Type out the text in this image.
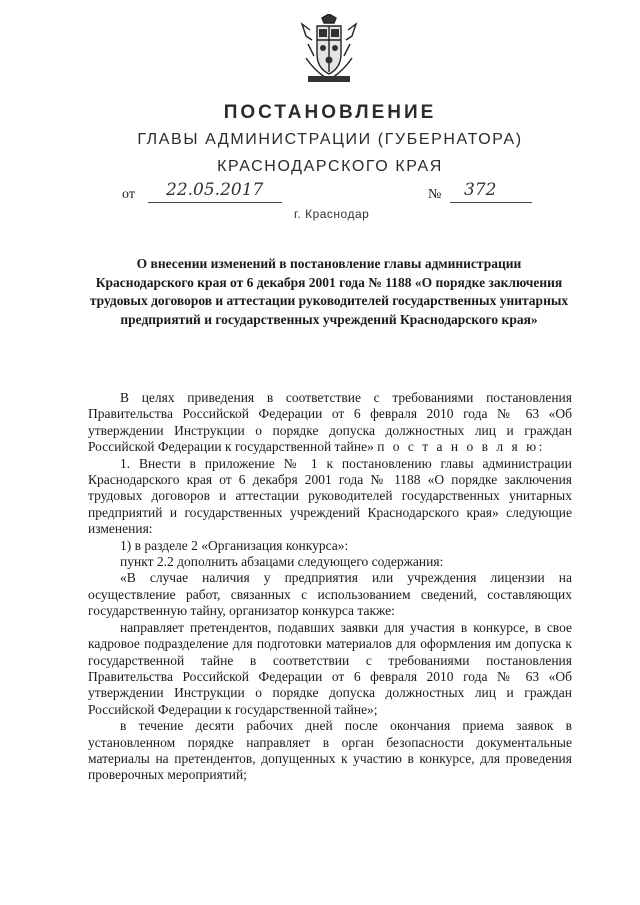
ПОСТАНОВЛЕНИЕ
ГЛАВЫ АДМИНИСТРАЦИИ (ГУБЕРНАТОРА)
КРАСНОДАРСКОГО КРАЯ
от 22.05.2017	№ 372
г. Краснодар
О внесении изменений в постановление главы администрации Краснодарского края от 6 декабря 2001 года № 1188 «О порядке заключения трудовых договоров и аттестации руководителей государственных унитарных предприятий и государственных учреждений Краснодарского края»

В целях приведения в соответствие с требованиями постановления Правительства Российской Федерации от 6 февраля 2010 года № 63 «Об утверждении Инструкции о порядке допуска должностных лиц и граждан Российской Федерации к государственной тайне» п о с т а н о в л я ю:

1. Внести в приложение № 1 к постановлению главы администрации Краснодарского края от 6 декабря 2001 года № 1188 «О порядке заключения трудовых договоров и аттестации руководителей государственных унитарных предприятий и государственных учреждений Краснодарского края» следующие изменения:

1) в разделе 2 «Организация конкурса»:

пункт 2.2 дополнить абзацами следующего содержания:

«В случае наличия у предприятия или учреждения лицензии на осуществление работ, связанных с использованием сведений, составляющих государственную тайну, организатор конкурса также:

направляет претендентов, подавших заявки для участия в конкурсе, в свое кадровое подразделение для подготовки материалов для оформления им допуска к государственной тайне в соответствии с требованиями постановления Правительства Российской Федерации от 6 февраля 2010 года № 63 «Об утверждении Инструкции о порядке допуска должностных лиц и граждан Российской Федерации к государственной тайне»;

в течение десяти рабочих дней после окончания приема заявок в установленном порядке направляет в орган безопасности документальные материалы на претендентов, допущенных к участию в конкурсе, для проведения проверочных мероприятий;
